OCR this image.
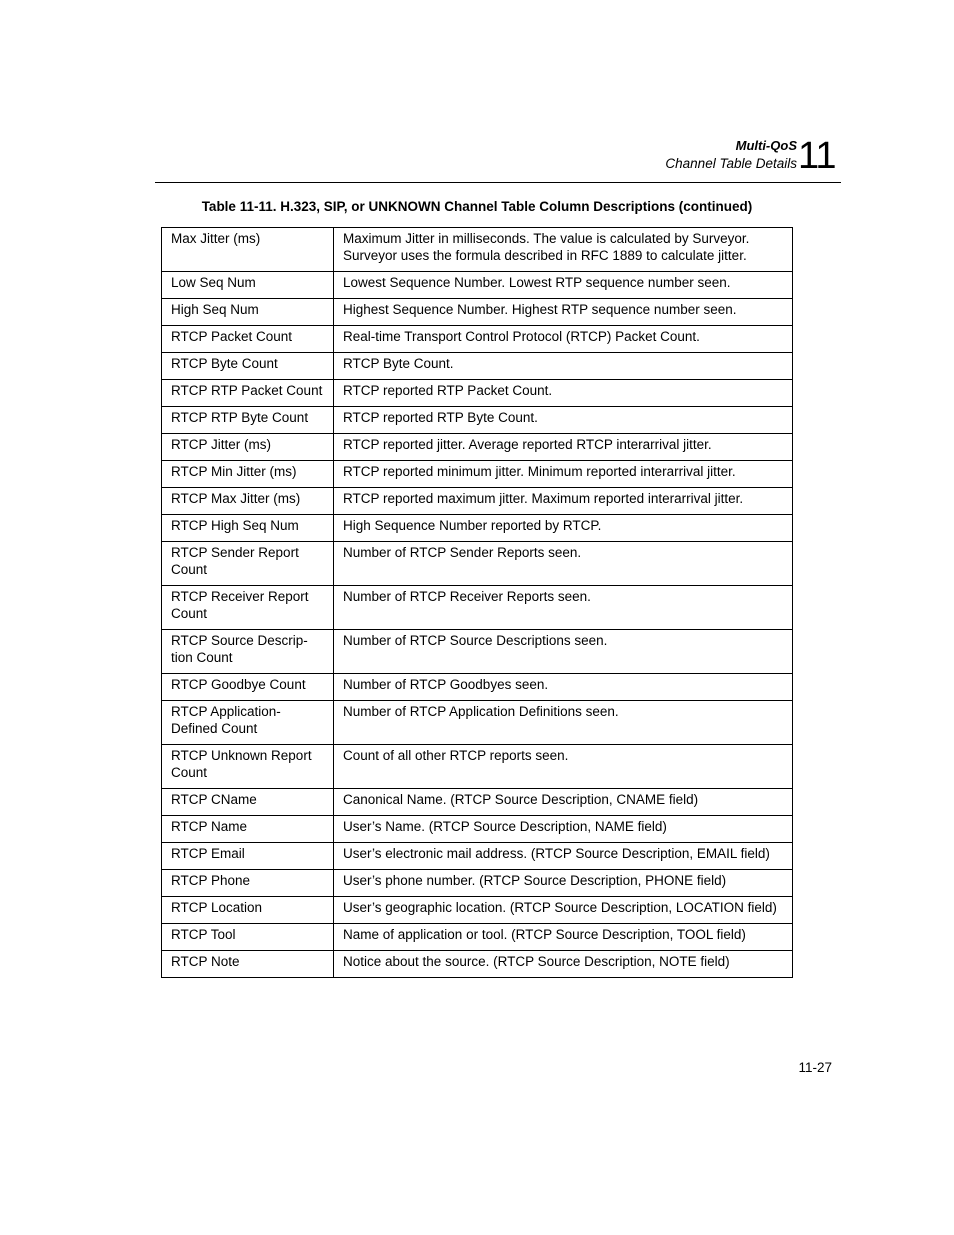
Multi-QoS
Channel Table Details 11
Table 11-11. H.323, SIP, or UNKNOWN Channel Table Column Descriptions (continued)
Max Jitter (ms)	Maximum Jitter in milliseconds. The value is calculated by Surveyor. Surveyor uses the formula described in RFC 1889 to calculate jitter.
Low Seq Num	Lowest Sequence Number. Lowest RTP sequence number seen.
High Seq Num	Highest Sequence Number. Highest RTP sequence number seen.
RTCP Packet Count	Real-time Transport Control Protocol (RTCP) Packet Count.
RTCP Byte Count	RTCP Byte Count.
RTCP RTP Packet Count	RTCP reported RTP Packet Count.
RTCP RTP Byte Count	RTCP reported RTP Byte Count.
RTCP Jitter (ms)	RTCP reported jitter. Average reported RTCP interarrival jitter.
RTCP Min Jitter (ms)	RTCP reported minimum jitter. Minimum reported interarrival jitter.
RTCP Max Jitter (ms)	RTCP reported maximum jitter. Maximum reported interarrival jitter.
RTCP High Seq Num	High Sequence Number reported by RTCP.
RTCP Sender Report Count	Number of RTCP Sender Reports seen.
RTCP Receiver Report Count	Number of RTCP Receiver Reports seen.
RTCP Source Descrip-tion Count	Number of RTCP Source Descriptions seen.
RTCP Goodbye Count	Number of RTCP Goodbyes seen.
RTCP Application-Defined Count	Number of RTCP Application Definitions seen.
RTCP Unknown Report Count	Count of all other RTCP reports seen.
RTCP CName	Canonical Name. (RTCP Source Description, CNAME field)
RTCP Name	User’s Name. (RTCP Source Description, NAME field)
RTCP Email	User’s electronic mail address. (RTCP Source Description, EMAIL field)
RTCP Phone	User’s phone number. (RTCP Source Description, PHONE field)
RTCP Location	User’s geographic location. (RTCP Source Description, LOCATION field)
RTCP Tool	Name of application or tool. (RTCP Source Description, TOOL field)
RTCP Note	Notice about the source. (RTCP Source Description, NOTE field)
11-27
